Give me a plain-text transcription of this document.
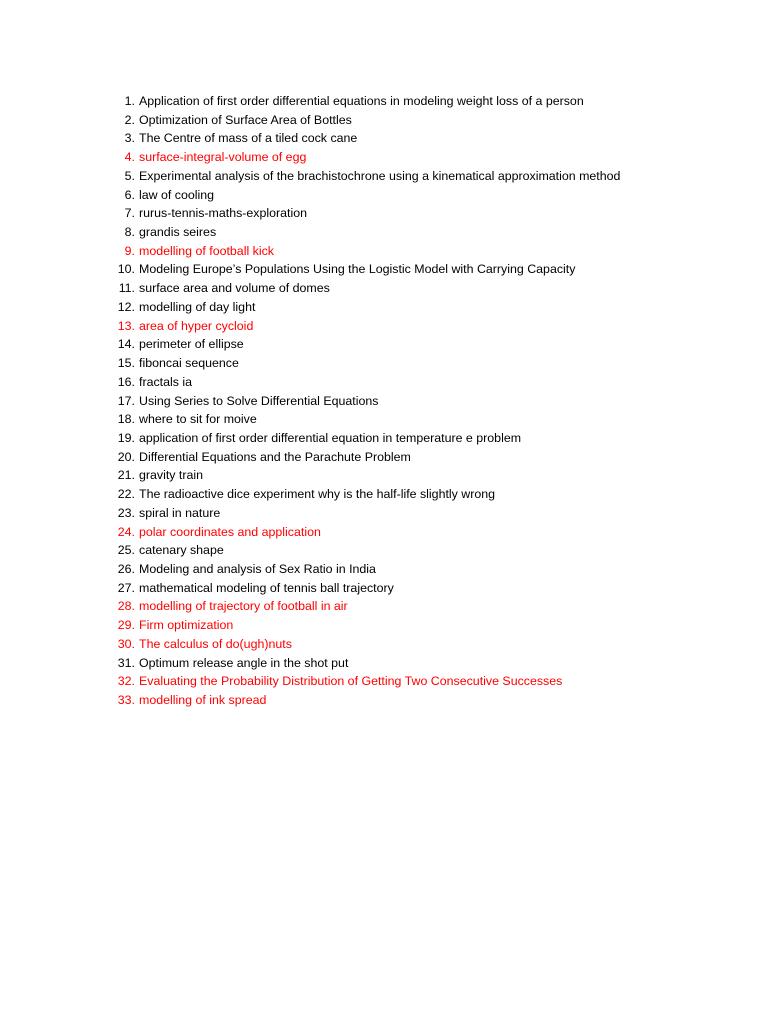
1. Application of first order differential equations in modeling weight loss of a person
2. Optimization of Surface Area of Bottles
3. The Centre of mass of a tiled cock cane
4. surface-integral-volume of egg
5. Experimental analysis of the brachistochrone using a kinematical approximation method
6. law of cooling
7. rurus-tennis-maths-exploration
8. grandis seires
9. modelling of football kick
10. Modeling Europe’s Populations Using the Logistic Model with Carrying Capacity
11. surface area and volume of domes
12. modelling of day light
13. area of hyper cycloid
14. perimeter of ellipse
15. fiboncai sequence
16. fractals ia
17. Using Series to Solve Differential Equations
18. where to sit for moive
19. application of first order differential equation in temperature e problem
20. Differential Equations and the Parachute Problem
21. gravity train
22. The radioactive dice experiment why is the half-life slightly wrong
23. spiral in nature
24. polar coordinates and application
25. catenary shape
26. Modeling and analysis of Sex Ratio in India
27. mathematical modeling of tennis ball trajectory
28. modelling of trajectory of football in air
29. Firm optimization
30. The calculus of do(ugh)nuts
31. Optimum release angle in the shot put
32. Evaluating the Probability Distribution of Getting Two Consecutive Successes
33. modelling of ink spread
